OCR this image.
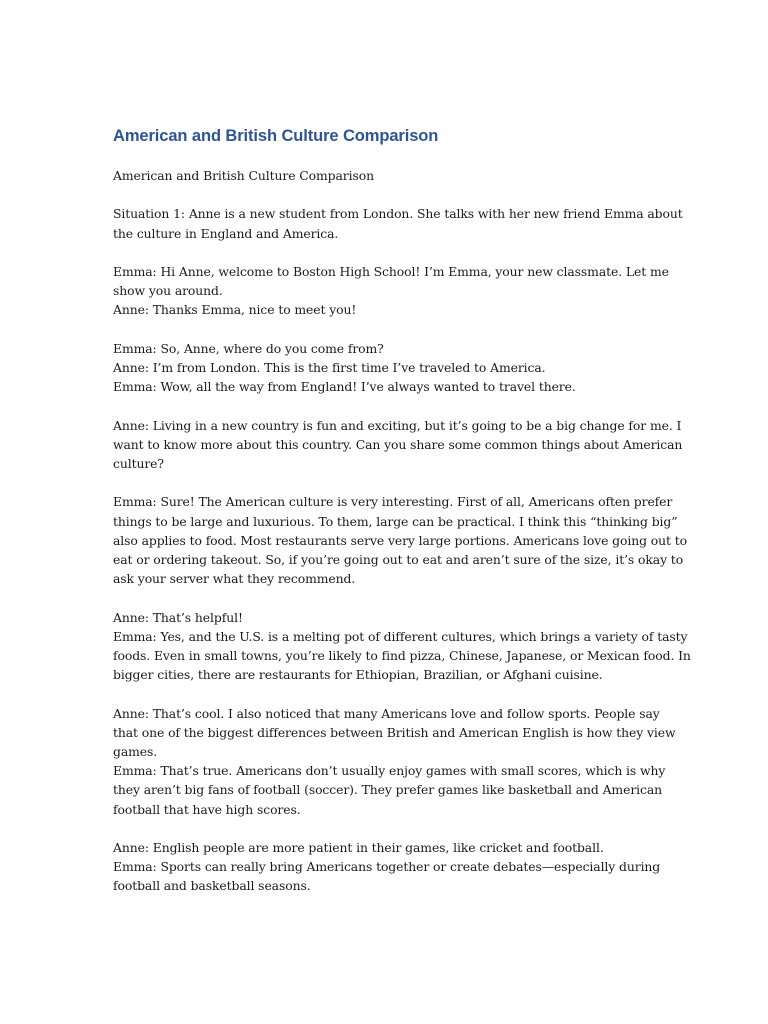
American and British Culture Comparison

American and British Culture Comparison

Situation 1: Anne is a new student from London. She talks with her new friend Emma about
the culture in England and America.

Emma: Hi Anne, welcome to Boston High School! I’m Emma, your new classmate. Let me
show you around.
Anne: Thanks Emma, nice to meet you!

Emma: So, Anne, where do you come from?
Anne: I’m from London. This is the first time I’ve traveled to America.
Emma: Wow, all the way from England! I’ve always wanted to travel there.

Anne: Living in a new country is fun and exciting, but it’s going to be a big change for me. I
want to know more about this country. Can you share some common things about American
culture?

Emma: Sure! The American culture is very interesting. First of all, Americans often prefer
things to be large and luxurious. To them, large can be practical. I think this “thinking big”
also applies to food. Most restaurants serve very large portions. Americans love going out to
eat or ordering takeout. So, if you’re going out to eat and aren’t sure of the size, it’s okay to
ask your server what they recommend.

Anne: That’s helpful!
Emma: Yes, and the U.S. is a melting pot of different cultures, which brings a variety of tasty
foods. Even in small towns, you’re likely to find pizza, Chinese, Japanese, or Mexican food. In
bigger cities, there are restaurants for Ethiopian, Brazilian, or Afghani cuisine.

Anne: That’s cool. I also noticed that many Americans love and follow sports. People say
that one of the biggest differences between British and American English is how they view
games.
Emma: That’s true. Americans don’t usually enjoy games with small scores, which is why
they aren’t big fans of football (soccer). They prefer games like basketball and American
football that have high scores.

Anne: English people are more patient in their games, like cricket and football.
Emma: Sports can really bring Americans together or create debates—especially during
football and basketball seasons.
